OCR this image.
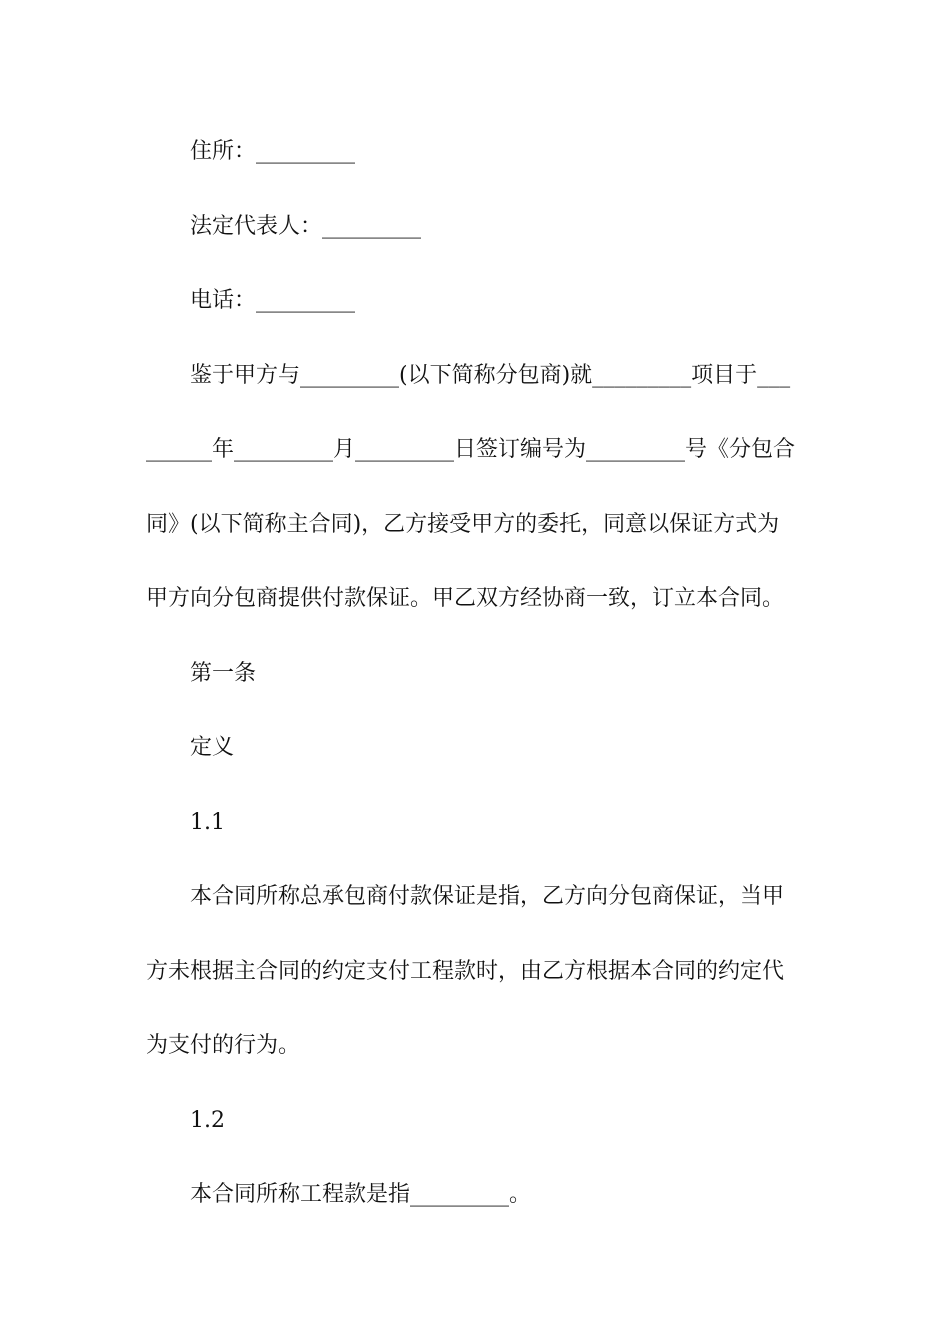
住所：_________
法定代表人：_________
电话：_________
鉴于甲方与_________(以下简称分包商)就_________项目于___
______年_________月_________日签订编号为_________号《分包合
同》(以下简称主合同)，乙方接受甲方的委托，同意以保证方式为
甲方向分包商提供付款保证。甲乙双方经协商一致，订立本合同。
第一条
定义
1.1
本合同所称总承包商付款保证是指，乙方向分包商保证，当甲
方未根据主合同的约定支付工程款时，由乙方根据本合同的约定代
为支付的行为。
1.2
本合同所称工程款是指_________。
